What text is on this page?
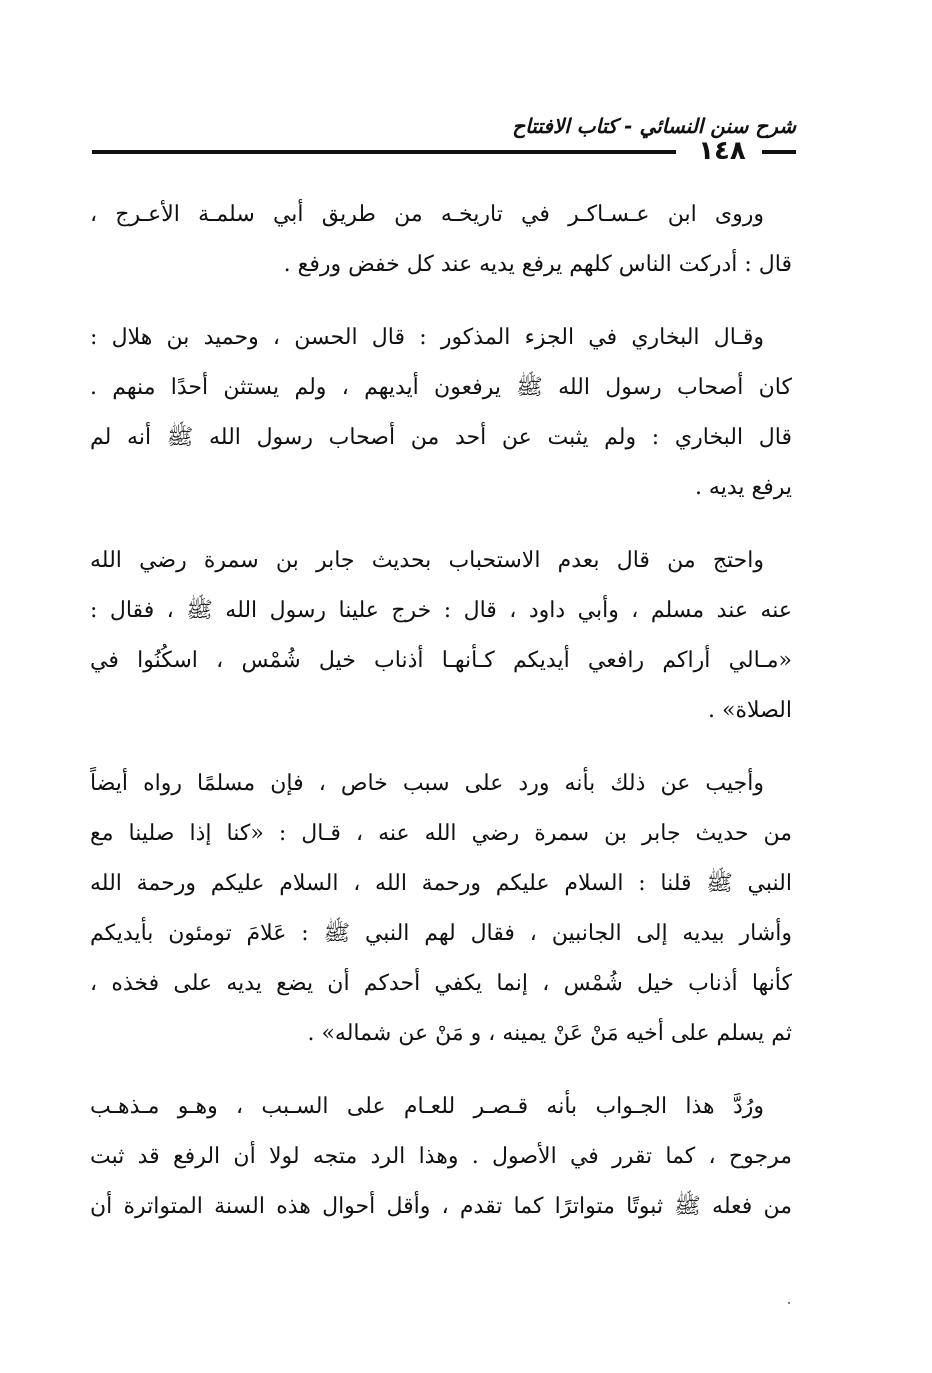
شرح سنن النسائي - كتاب الافتتاح
١٤٨

وروى ابن عـسـاكـر في تاريخـه من طريق أبي سلمـة الأعـرج ،
قال : أدركت الناس كلهم يرفع يديه عند كل خفض ورفع .

وقـال البخاري في الجزء المذكور : قال الحسن ، وحميد بن هلال :
كان أصحاب رسول الله ﷺ يرفعون أيديهم ، ولم يستثن أحدًا منهم .
قال البخاري : ولم يثبت عن أحد من أصحاب رسول الله ﷺ أنه لم
يرفع يديه .

واحتج من قال بعدم الاستحباب بحديث جابر بن سمرة رضي الله
عنه عند مسلم ، وأبي داود ، قال : خرج علينا رسول الله ﷺ ، فقال :
«مـالي أراكم رافعي أيديكم كـأنهـا أذناب خيل شُمْس ، اسكُنُوا في
الصلاة» .

وأجيب عن ذلك بأنه ورد على سبب خاص ، فإن مسلمًا رواه أيضاً
من حديث جابر بن سمرة رضي الله عنه ، قـال : «كنا إذا صلينا مع
النبي ﷺ قلنا : السلام عليكم ورحمة الله ، السلام عليكم ورحمة الله
وأشار بيديه إلى الجانبين ، فقال لهم النبي ﷺ : عَلامَ تومئون بأيديكم
كأنها أذناب خيل شُمْس ، إنما يكفي أحدكم أن يضع يديه على فخذه ،
ثم يسلم على أخيه مَنْ عَنْ يمينه ، و مَنْ عن شماله» .

ورُدَّ هذا الجـواب بأنه قـصـر للعـام على السـبب ، وهـو مـذهـب
مرجوح ، كما تقرر في الأصول . وهذا الرد متجه لولا أن الرفع قد ثبت
من فعله ﷺ ثبوتًا متواترًا كما تقدم ، وأقل أحوال هذه السنة المتواترة أن
